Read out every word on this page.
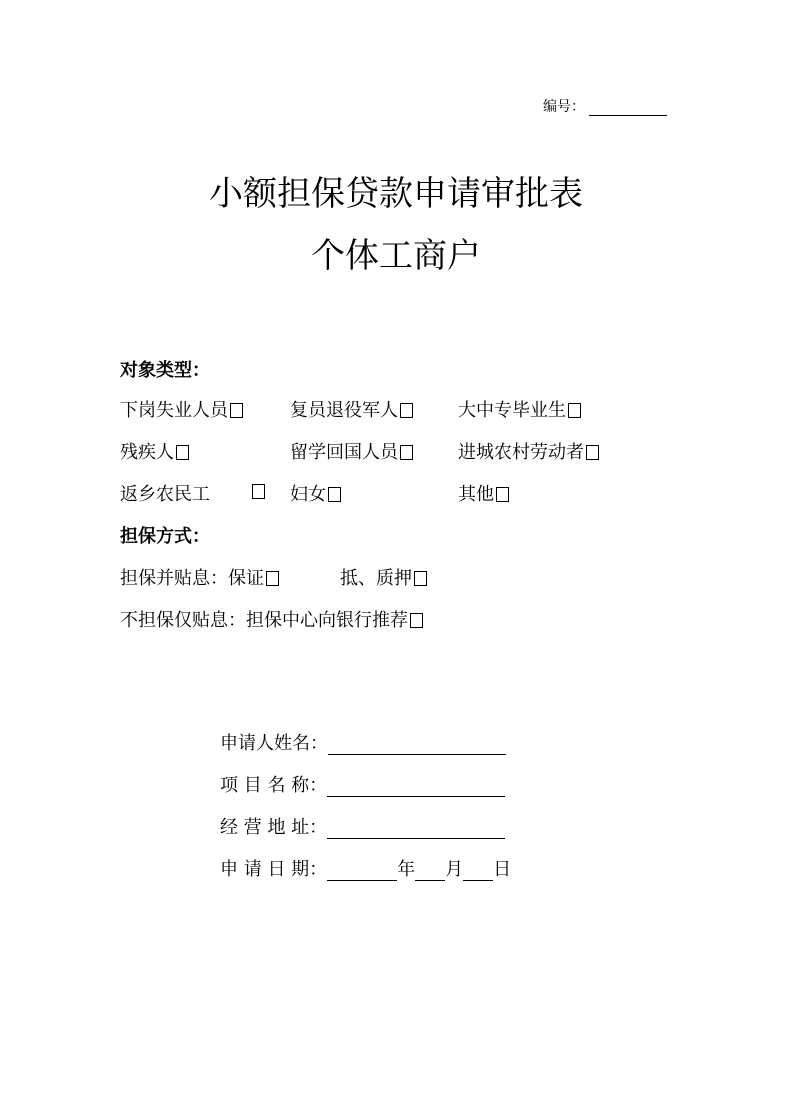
编号：
小额担保贷款申请审批表
个体工商户
对象类型：
下岗失业人员	复员退役军人	大中专毕业生
残疾人	留学回国人员	进城农村劳动者
返乡农民工	妇女	其他
担保方式：
担保并贴息：保证	抵、质押
不担保仅贴息：担保中心向银行推荐
申请人姓名：
项 目 名 称：
经 营 地 址：
申 请 日 期：	年 月 日
